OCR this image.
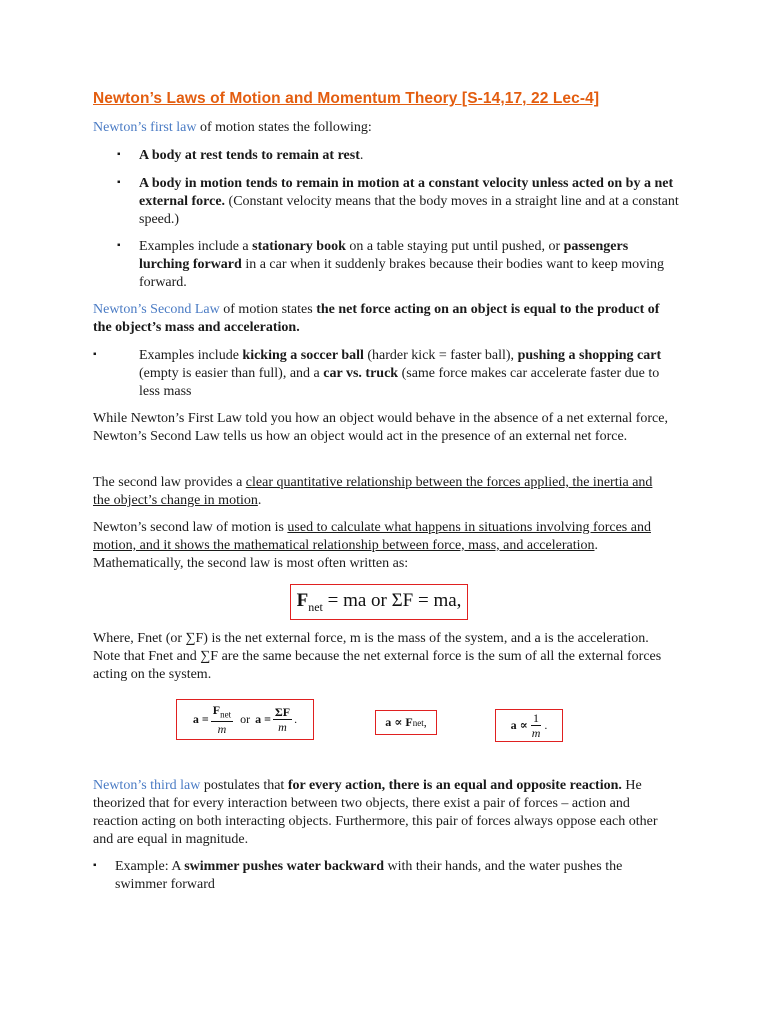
Newton’s Laws of Motion and Momentum Theory [S-14,17, 22 Lec-4]

Newton’s first law of motion states the following:

▪	A body at rest tends to remain at rest.

▪	A body in motion tends to remain in motion at a constant velocity unless acted on by a net external force. (Constant velocity means that the body moves in a straight line and at a constant speed.)

▪	Examples include a stationary book on a table staying put until pushed, or passengers lurching forward in a car when it suddenly brakes because their bodies want to keep moving forward.

Newton’s Second Law of motion states the net force acting on an object is equal to the product of the object’s mass and acceleration.

▪	Examples include kicking a soccer ball (harder kick = faster ball), pushing a shopping cart (empty is easier than full), and a car vs. truck (same force makes car accelerate faster due to less mass

While Newton’s First Law told you how an object would behave in the absence of a net external force, Newton’s Second Law tells us how an object would act in the presence of an external net force.

The second law provides a clear quantitative relationship between the forces applied, the inertia and the object’s change in motion.

Newton’s second law of motion is used to calculate what happens in situations involving forces and motion, and it shows the mathematical relationship between force, mass, and acceleration. Mathematically, the second law is most often written as:

$F_{net}$ = ma or ΣF = ma,

Where, Fnet (or ∑F) is the net external force, m is the mass of the system, and a is the acceleration. Note that Fnet and ∑F are the same because the net external force is the sum of all the external forces acting on the system.

$a = \frac{F_{net}}{m}$ or $a = \frac{\Sigma F}{m}$ .	a ∝ F net ,	$a \propto \frac{1}{m}$ .

Newton’s third law postulates that for every action, there is an equal and opposite reaction. He theorized that for every interaction between two objects, there exist a pair of forces – action and reaction acting on both interacting objects. Furthermore, this pair of forces always oppose each other and are equal in magnitude.

▪	Example: A swimmer pushes water backward with their hands, and the water pushes the swimmer forward
